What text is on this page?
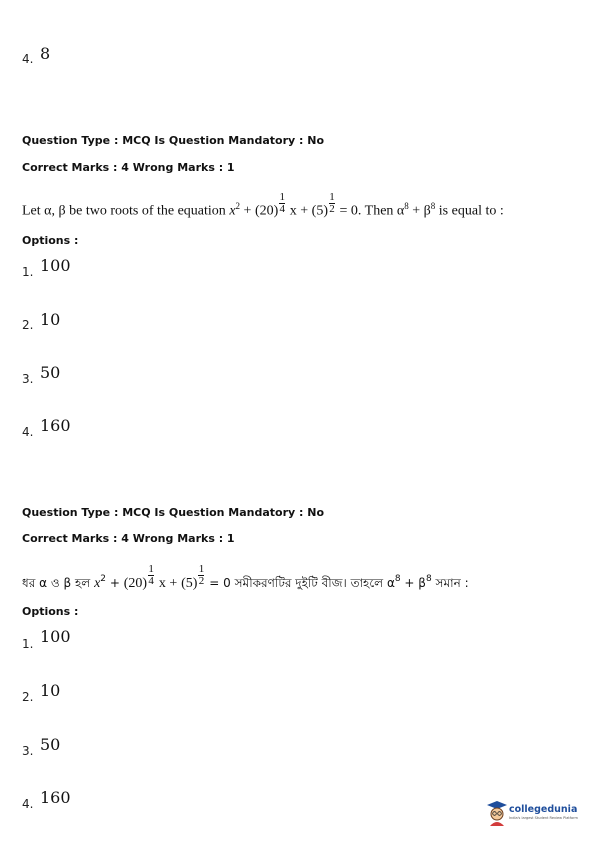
4. 8
Question Type : MCQ Is Question Mandatory : No
Correct Marks : 4 Wrong Marks : 1
Let α, β be two roots of the equation $x^2 + (20) \frac{1}{4}$ $x + (5) \frac{1}{2} = 0$. Then $\alpha^8 + \beta^8$ is equal to :
Options :
1. 100
2. 10
3. 50
4. 160
Question Type : MCQ Is Question Mandatory : No
Correct Marks : 4 Wrong Marks : 1
ধর α ও β হল $x^2 + (20) \frac{1}{4}$ $x + (5) \frac{1}{2} = 0$ সমীকরণটির দুইটি বীজ। তাহলে $\alpha^8 + \beta^8$ সমান :
Options :
1. 100
2. 10
3. 50
4. 160
collegedunia
India's largest Student Review Platform
